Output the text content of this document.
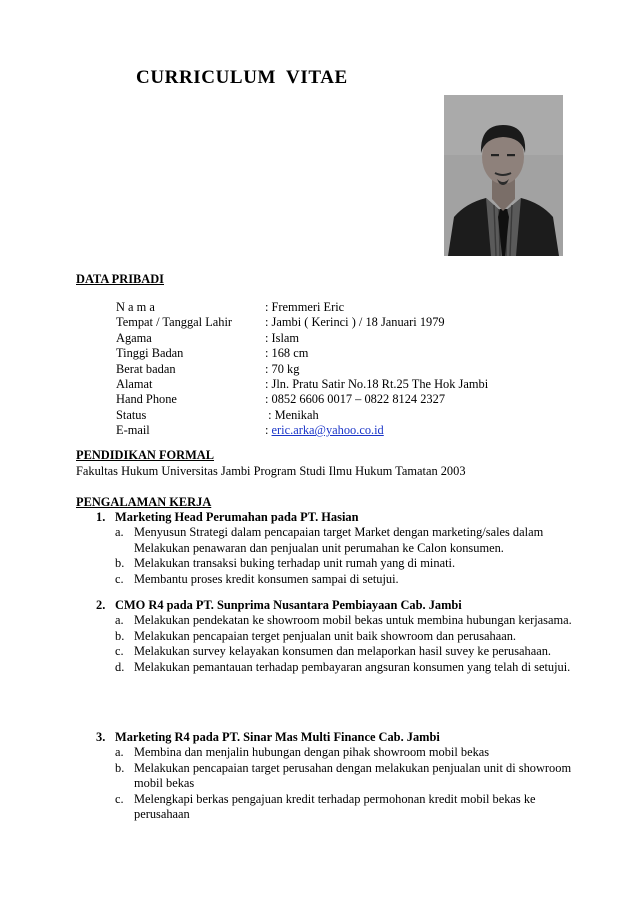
CURRICULUM VITAE
DATA PRIBADI
N a m a	: Fremmeri Eric
Tempat / Tanggal Lahir	: Jambi ( Kerinci ) / 18 Januari 1979
Agama	: Islam
Tinggi Badan	: 168 cm
Berat badan	: 70 kg
Alamat	: Jln. Pratu Satir No.18 Rt.25 The Hok Jambi
Hand Phone	: 0852 6606 0017 – 0822 8124 2327
Status	: Menikah
E-mail	: eric.arka@yahoo.co.id
PENDIDIKAN FORMAL
Fakultas Hukum Universitas Jambi Program Studi Ilmu Hukum Tamatan 2003
PENGALAMAN KERJA
1. Marketing Head Perumahan pada PT. Hasian
a. Menyusun Strategi dalam pencapaian target Market dengan marketing/sales dalam Melakukan penawaran dan penjualan unit perumahan ke Calon konsumen.
b. Melakukan transaksi buking terhadap unit rumah yang di minati.
c. Membantu proses kredit konsumen sampai di setujui.
2. CMO R4 pada PT. Sunprima Nusantara Pembiayaan Cab. Jambi
a. Melakukan pendekatan ke showroom mobil bekas untuk membina hubungan kerjasama.
b. Melakukan pencapaian terget penjualan unit baik showroom dan perusahaan.
c. Melakukan survey kelayakan konsumen dan melaporkan hasil suvey ke perusahaan.
d. Melakukan pemantauan terhadap pembayaran angsuran konsumen yang telah di setujui.
3. Marketing R4 pada PT. Sinar Mas Multi Finance Cab. Jambi
a. Membina dan menjalin hubungan dengan pihak showroom mobil bekas
b. Melakukan pencapaian target perusahan dengan melakukan penjualan unit di showroom mobil bekas
c. Melengkapi berkas pengajuan kredit terhadap permohonan kredit mobil bekas ke perusahaan
